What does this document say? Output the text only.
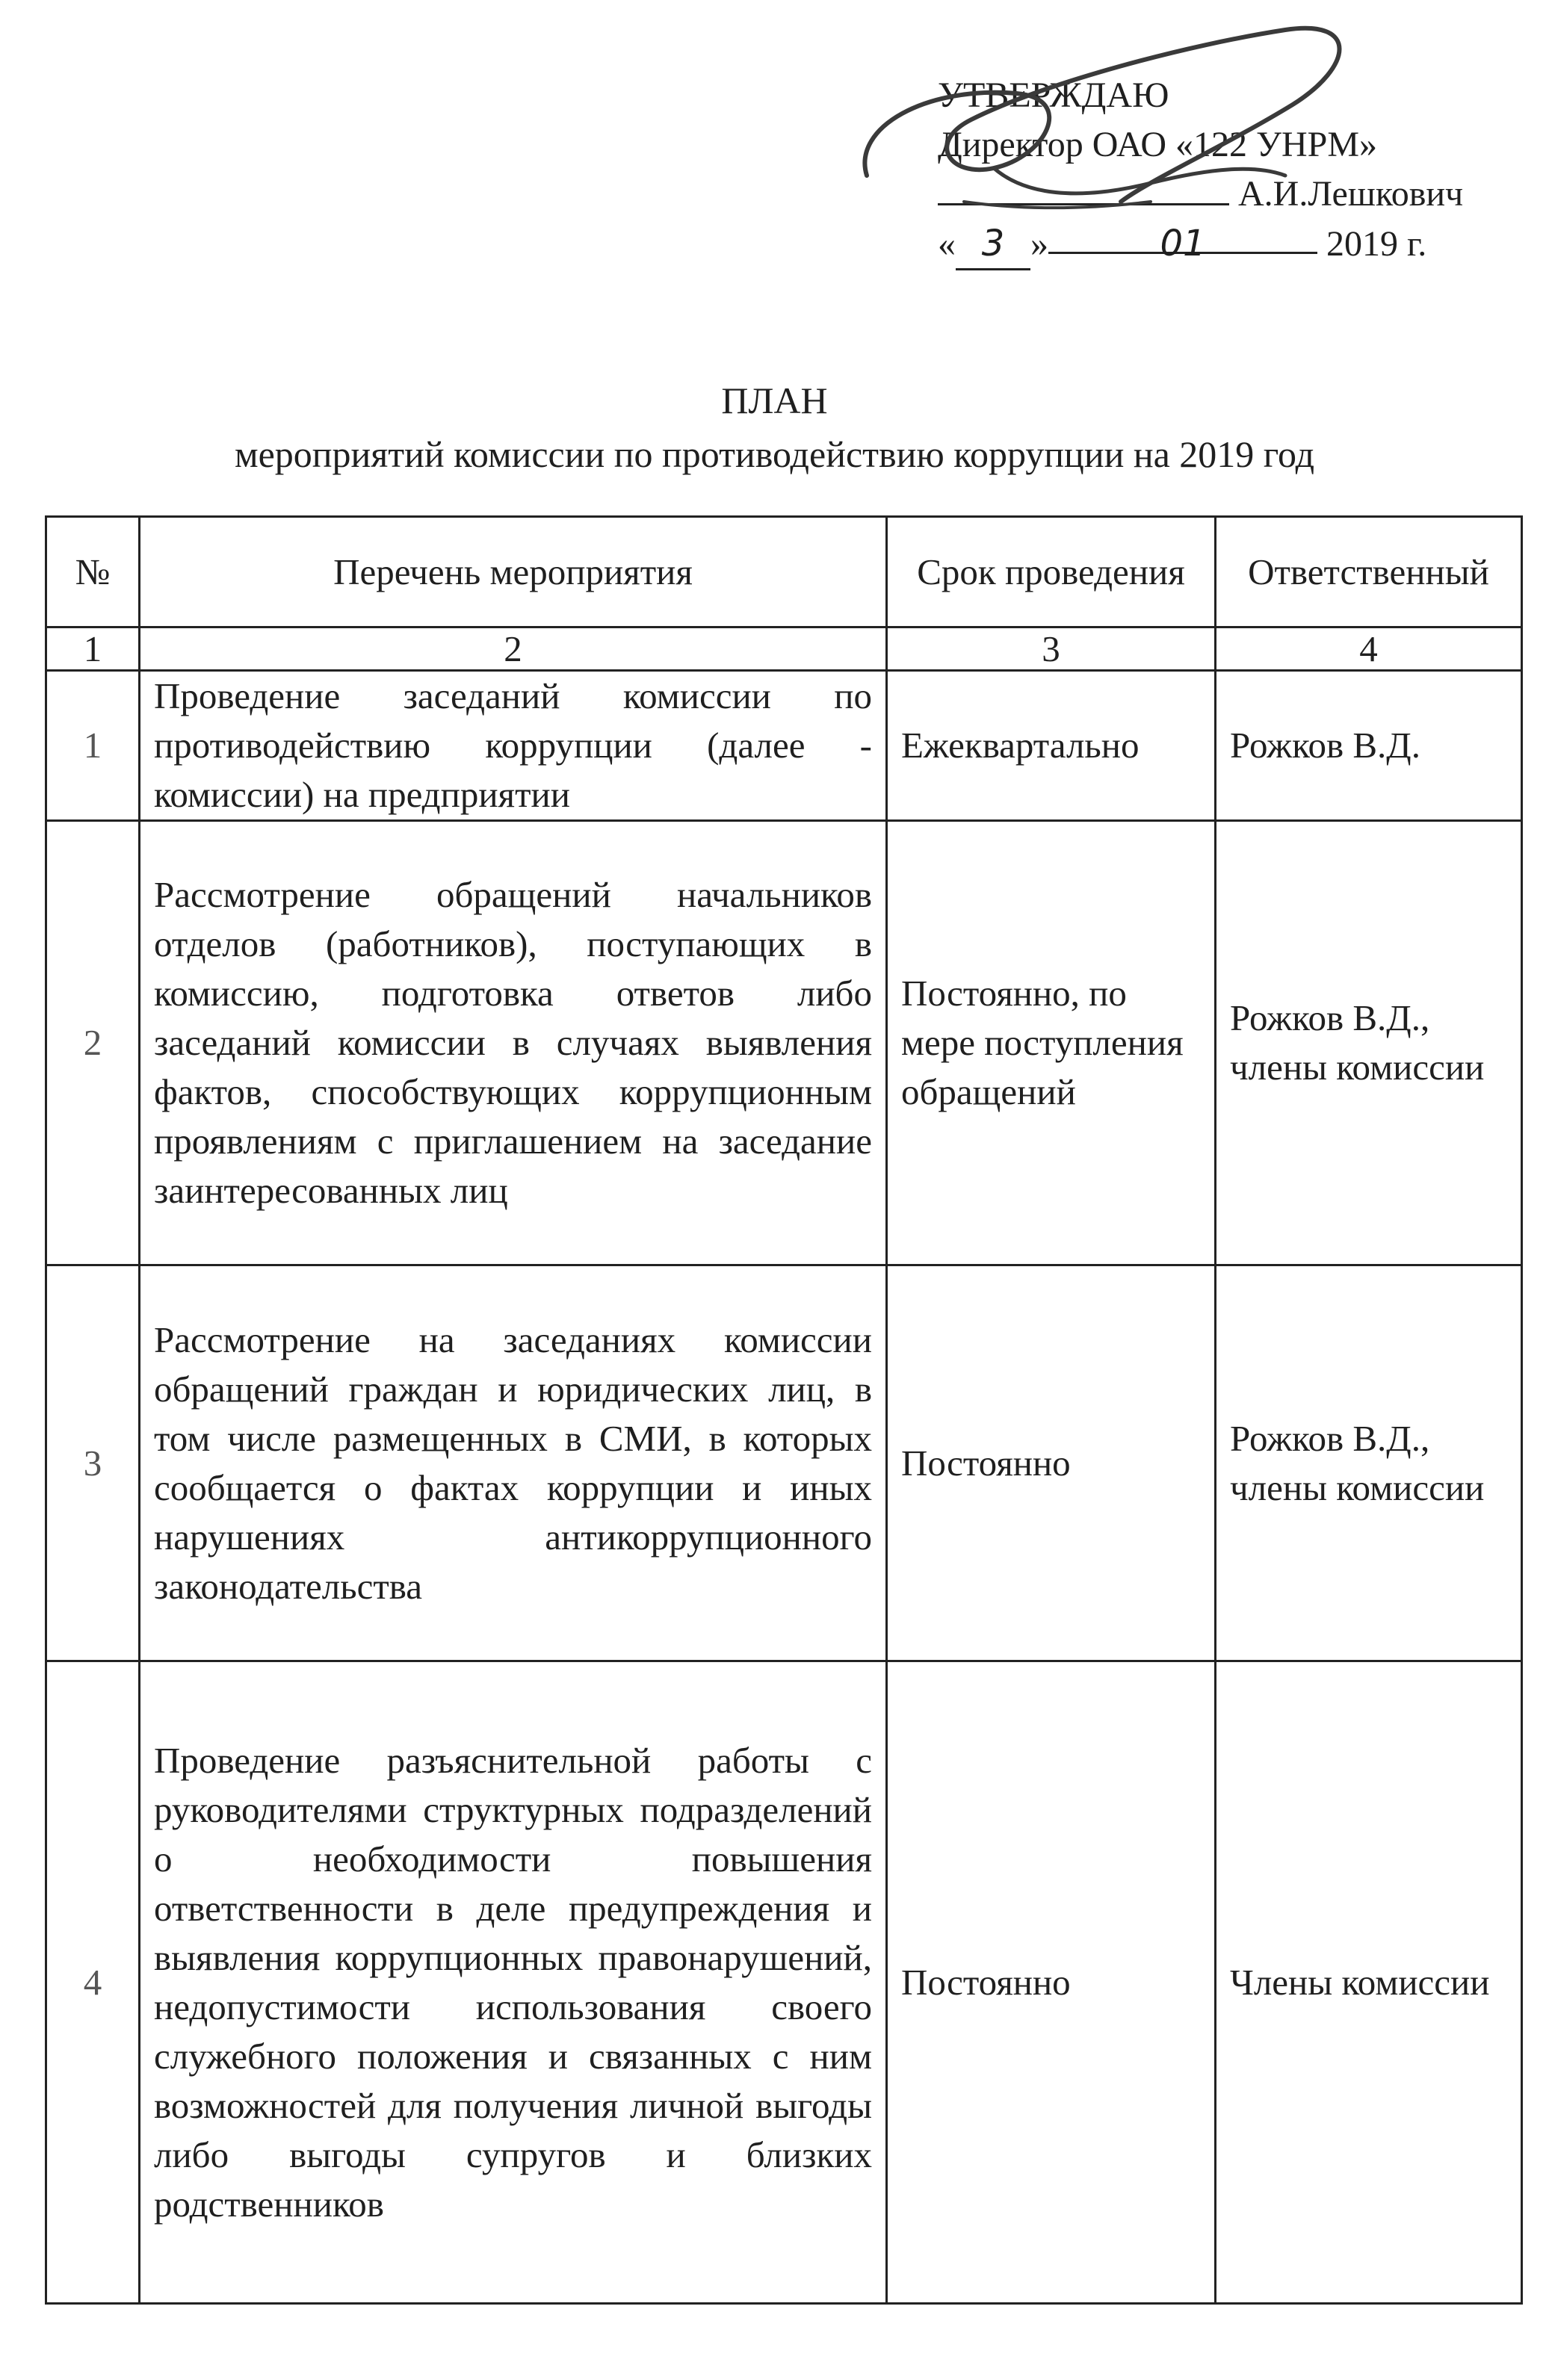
УТВЕРЖДАЮ
Директор ОАО «122 УНРМ»
А.И.Лешкович
« 3 »	01	2019 г.
ПЛАН
мероприятий комиссии по противодействию коррупции на 2019 год
№	Перечень мероприятия	Срок проведения	Ответственный
1	2	3	4
1	Проведение заседаний комиссии по противодействию коррупции (далее - комиссии) на предприятии	Ежеквартально	Рожков В.Д.
2	Рассмотрение обращений начальников отделов (работников), поступающих в комиссию, подготовка ответов либо заседаний комиссии в случаях выявления фактов, способствующих коррупционным проявлениям с приглашением на заседание заинтересованных лиц	Постоянно, по мере поступления обращений	Рожков В.Д., члены комиссии
3	Рассмотрение на заседаниях комиссии обращений граждан и юридических лиц, в том числе размещенных в СМИ, в которых сообщается о фактах коррупции и иных нарушениях антикоррупционного законодательства	Постоянно	Рожков В.Д., члены комиссии
4	Проведение разъяснительной работы с руководителями структурных подразделений о необходимости повышения ответственности в деле предупреждения и выявления коррупционных правонарушений, недопустимости использования своего служебного положения и связанных с ним возможностей для получения личной выгоды либо выгоды супругов и близких родственников	Постоянно	Члены комиссии
